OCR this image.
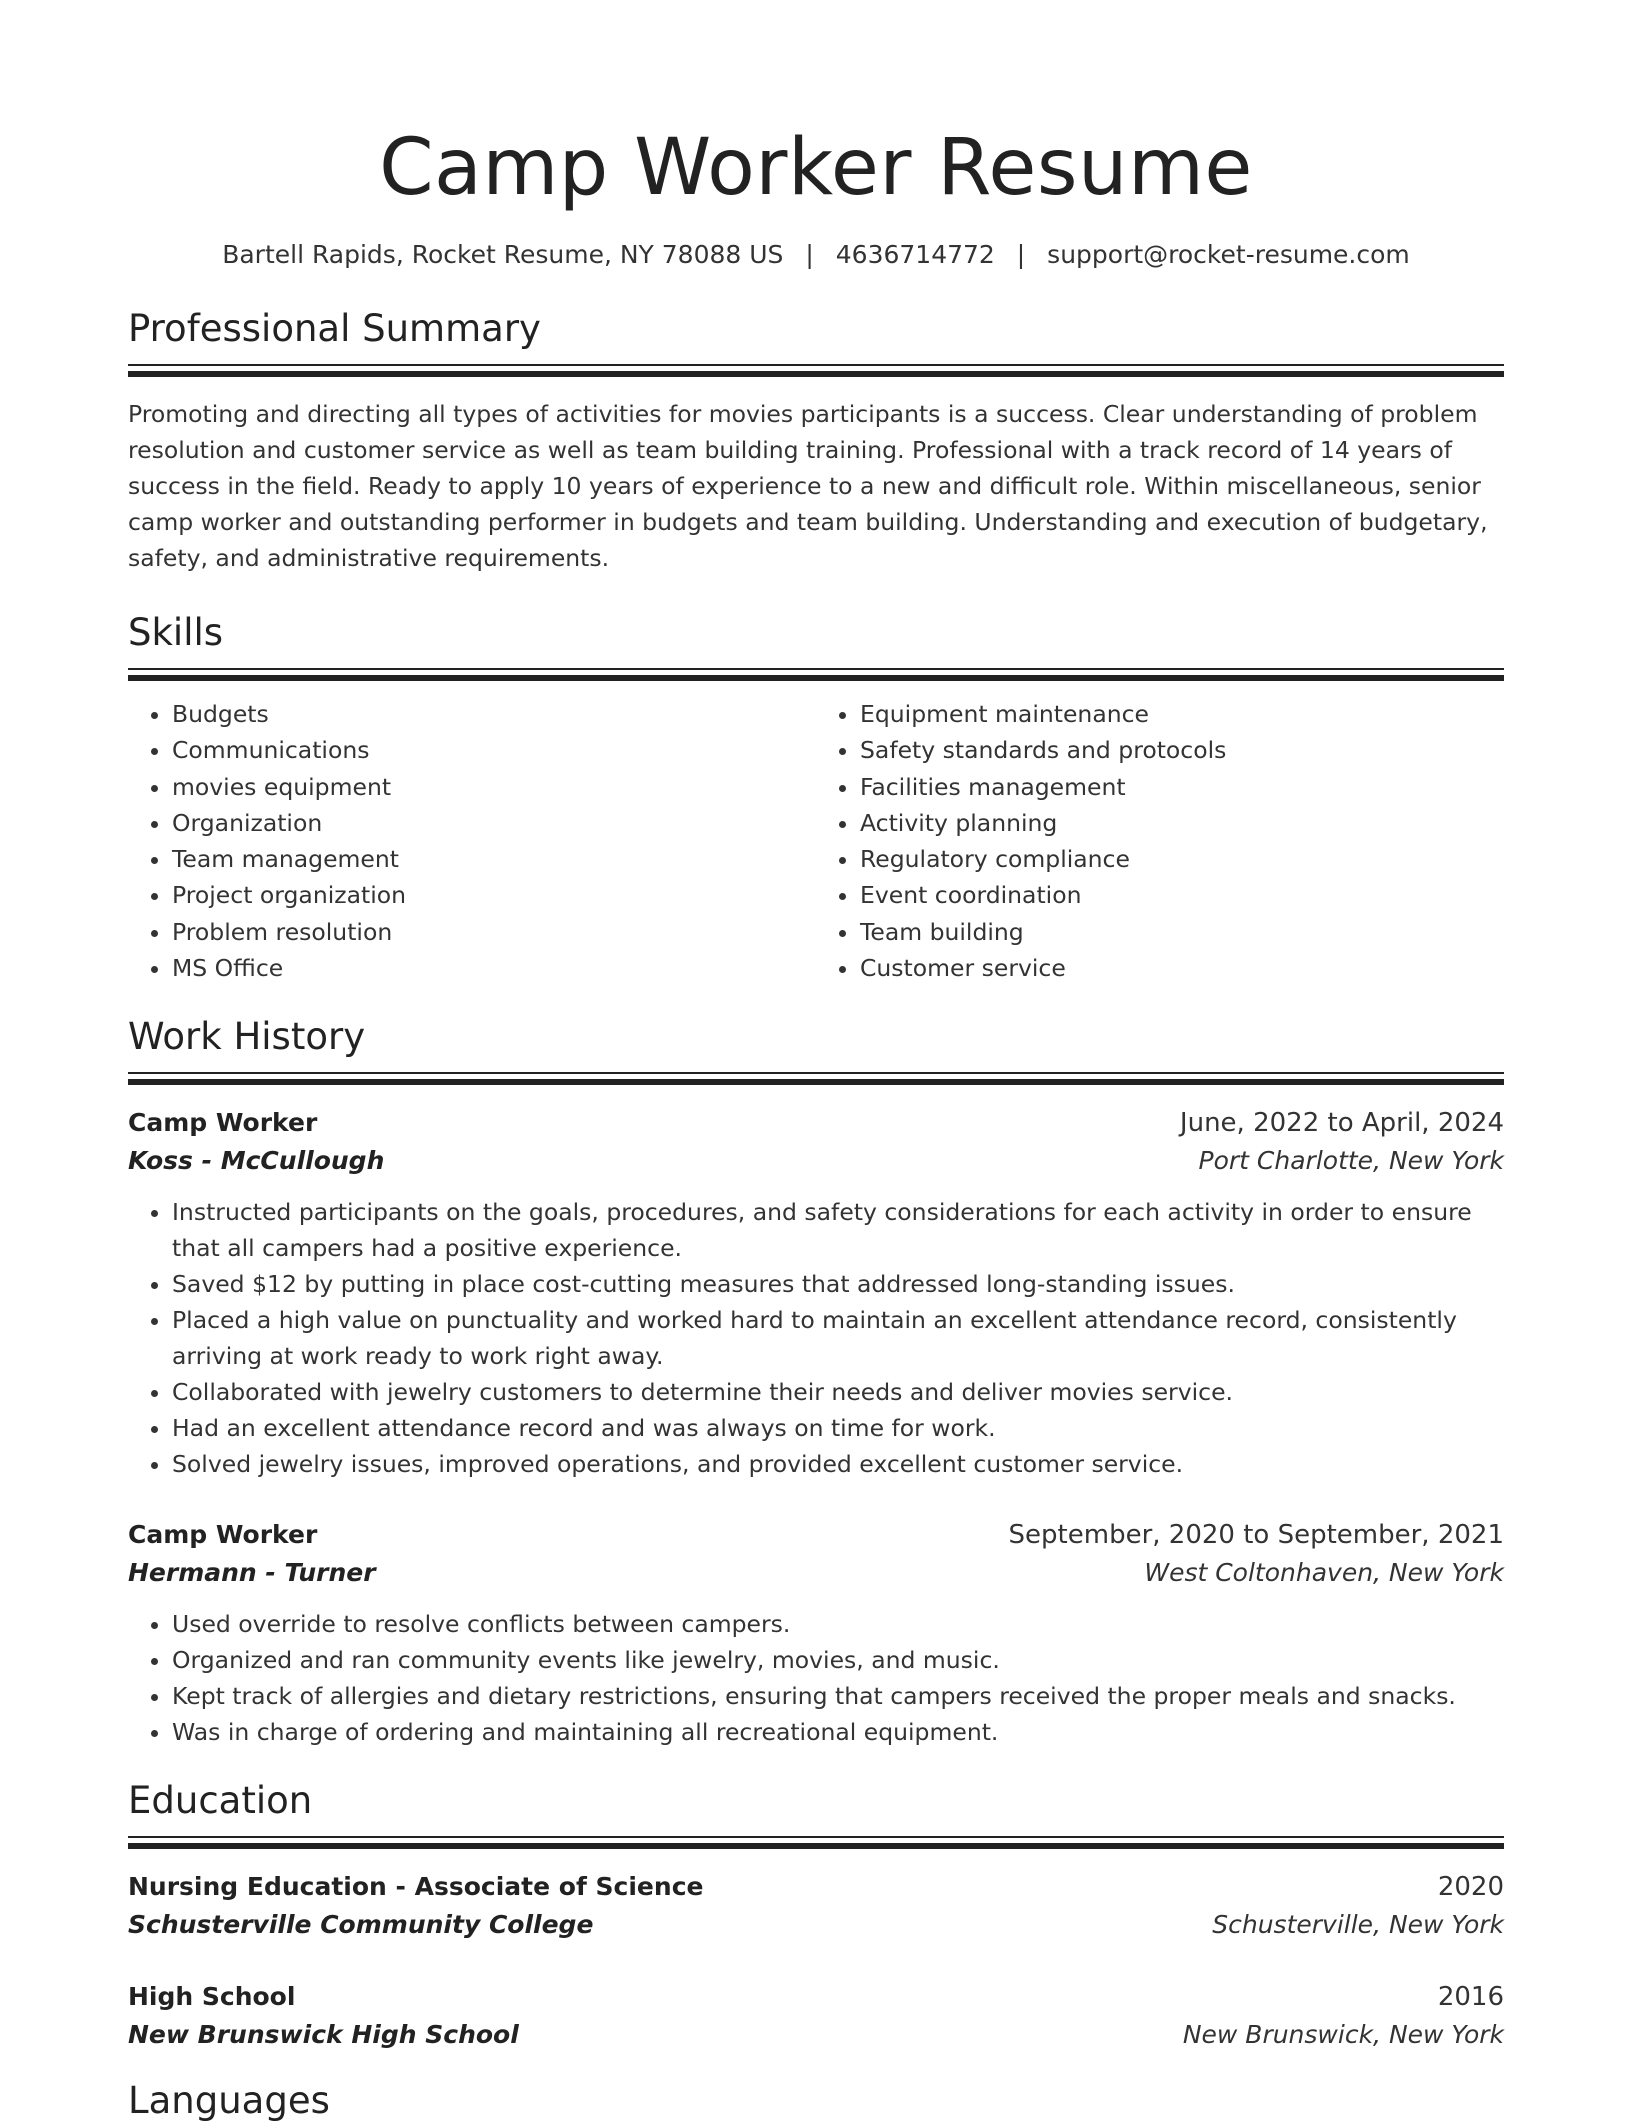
Camp Worker Resume
Bartell Rapids, Rocket Resume, NY 78088 US | 4636714772 | support@rocket-resume.com
Professional Summary

Promoting and directing all types of activities for movies participants is a success. Clear understanding of problem resolution and customer service as well as team building training. Professional with a track record of 14 years of success in the field. Ready to apply 10 years of experience to a new and difficult role. Within miscellaneous, senior camp worker and outstanding performer in budgets and team building. Understanding and execution of budgetary, safety, and administrative requirements.

Skills
• Budgets
• Communications
• movies equipment
• Organization
• Team management
• Project organization
• Problem resolution
• MS Office
• Equipment maintenance
• Safety standards and protocols
• Facilities management
• Activity planning
• Regulatory compliance
• Event coordination
• Team building
• Customer service
Work History
Camp Worker	June, 2022 to April, 2024
Koss - McCullough	Port Charlotte, New York
• Instructed participants on the goals, procedures, and safety considerations for each activity in order to ensure that all campers had a positive experience.
• Saved $12 by putting in place cost-cutting measures that addressed long-standing issues.
• Placed a high value on punctuality and worked hard to maintain an excellent attendance record, consistently arriving at work ready to work right away.
• Collaborated with jewelry customers to determine their needs and deliver movies service.
• Had an excellent attendance record and was always on time for work.
• Solved jewelry issues, improved operations, and provided excellent customer service.
Camp Worker	September, 2020 to September, 2021
Hermann - Turner	West Coltonhaven, New York
• Used override to resolve conflicts between campers.
• Organized and ran community events like jewelry, movies, and music.
• Kept track of allergies and dietary restrictions, ensuring that campers received the proper meals and snacks.
• Was in charge of ordering and maintaining all recreational equipment.
Education
Nursing Education - Associate of Science	2020
Schusterville Community College	Schusterville, New York
High School	2016
New Brunswick High School	New Brunswick, New York
Languages
